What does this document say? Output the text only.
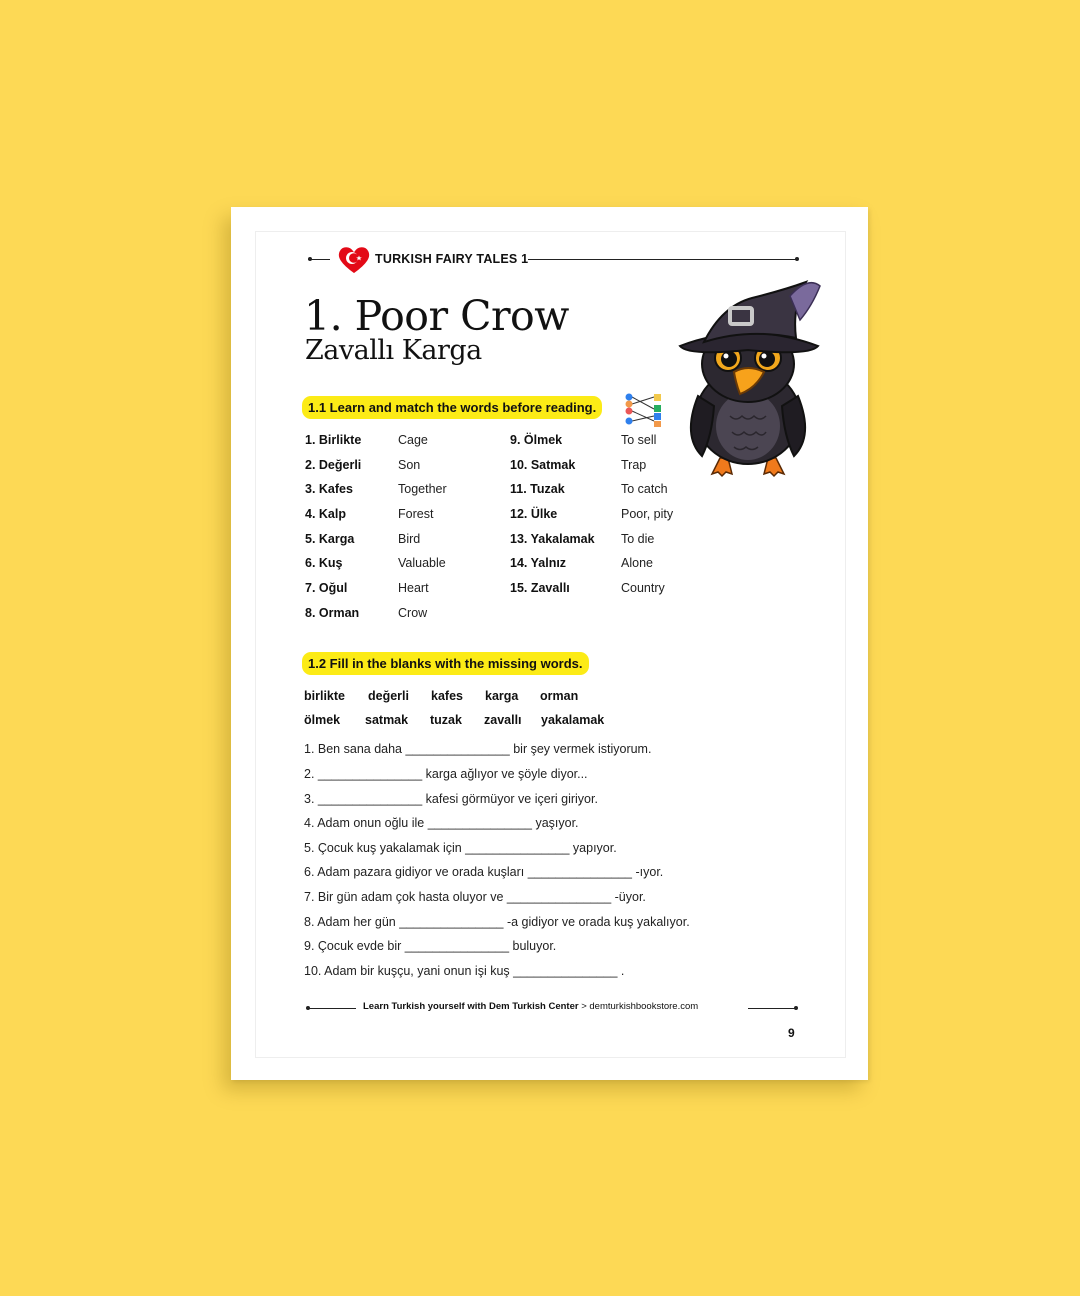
TURKISH FAIRY TALES 1
1. Poor Crow
Zavallı Karga
1.1 Learn and match the words before reading.
1. Birlikte
2. Değerli
3. Kafes
4. Kalp
5. Karga
6. Kuş
7. Oğul
8. Orman
Cage
Son
Together
Forest
Bird
Valuable
Heart
Crow
9. Ölmek
10. Satmak
11. Tuzak
12. Ülke
13. Yakalamak
14. Yalnız
15. Zavallı
To sell
Trap
To catch
Poor, pity
To die
Alone
Country
1.2 Fill in the blanks with the missing words.
birlikte değerli kafes karga orman
ölmek satmak tuzak zavallı yakalamak
1. Ben sana daha _______________ bir şey vermek istiyorum.
2. _______________ karga ağlıyor ve şöyle diyor...
3. _______________ kafesi görmüyor ve içeri giriyor.
4. Adam onun oğlu ile _______________ yaşıyor.
5. Çocuk kuş yakalamak için _______________ yapıyor.
6. Adam pazara gidiyor ve orada kuşları _______________ -ıyor.
7. Bir gün adam çok hasta oluyor ve _______________ -üyor.
8. Adam her gün _______________ -a gidiyor ve orada kuş yakalıyor.
9. Çocuk evde bir _______________ buluyor.
10. Adam bir kuşçu, yani onun işi kuş _______________ .
Learn Turkish yourself with Dem Turkish Center > demturkishbookstore.com
9
